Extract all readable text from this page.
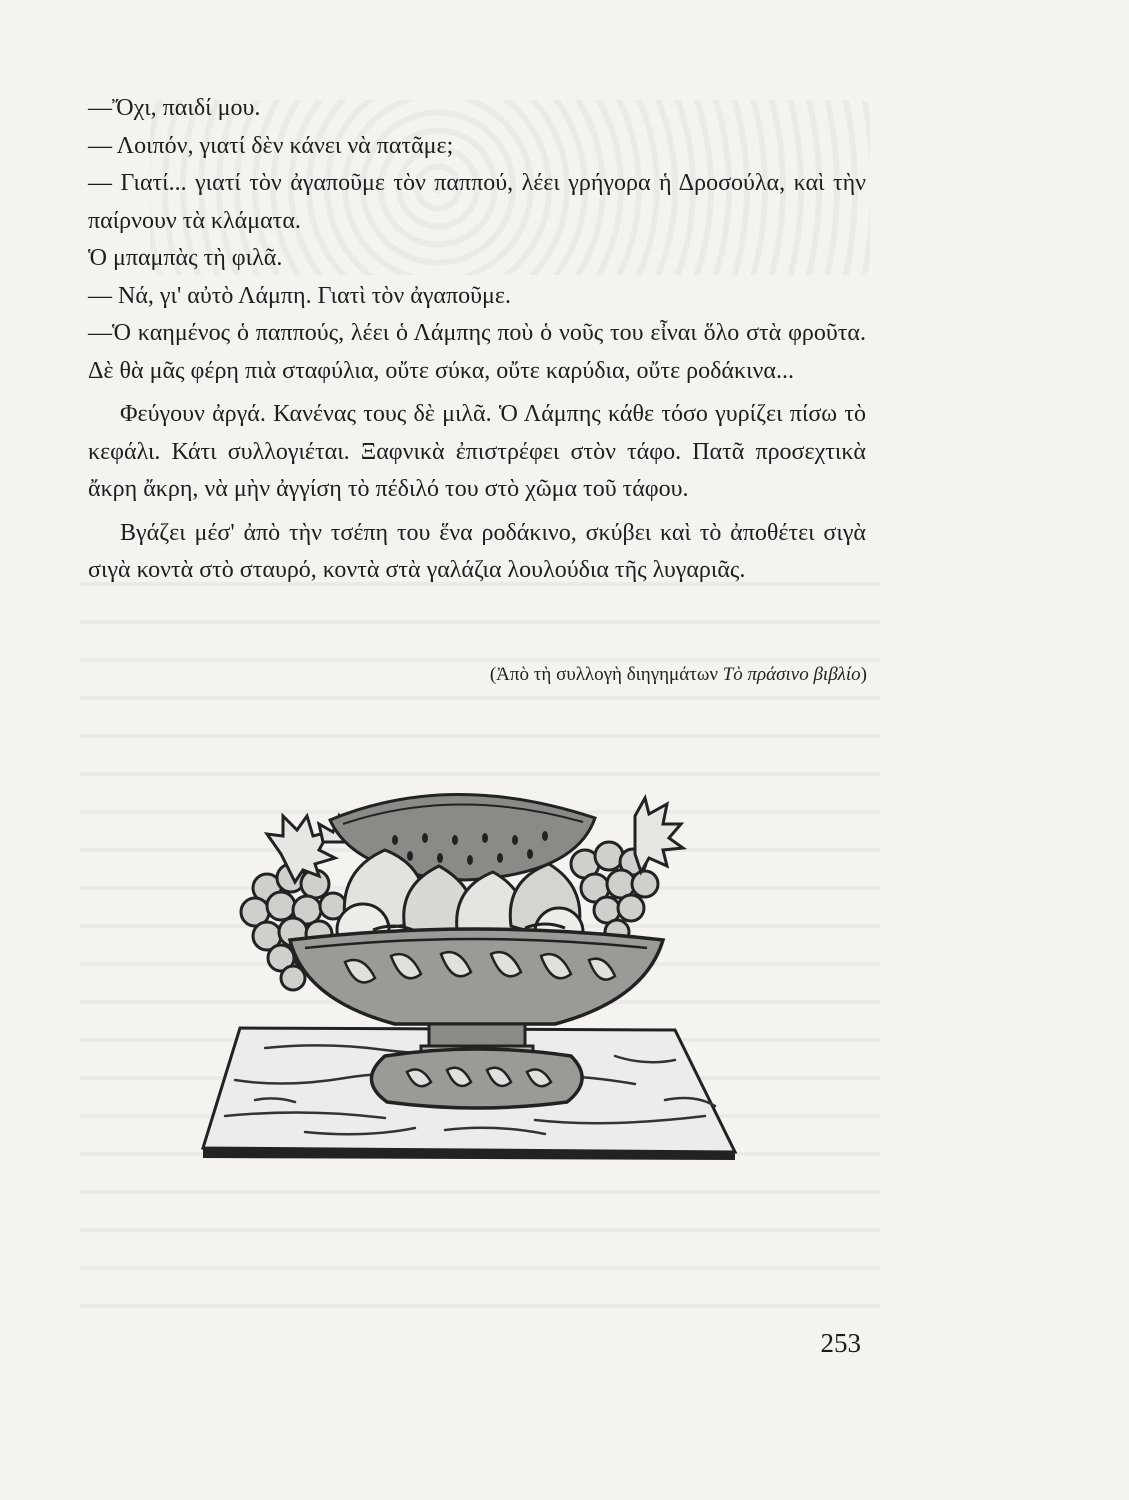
—Ὄχι, παιδί μου.

— Λοιπόν, γιατί δὲν κάνει νὰ πατᾶμε;

— Γιατί... γιατί τὸν ἀγαποῦμε τὸν παππού, λέει γρήγορα ἡ Δροσούλα, καὶ τὴν παίρνουν τὰ κλάματα.

Ὁ μπαμπὰς τὴ φιλᾶ.

— Νά, γι' αὐτὸ Λάμπη. Γιατὶ τὸν ἀγαποῦμε.

—Ὁ καημένος ὁ παππούς, λέει ὁ Λάμπης ποὺ ὁ νοῦς του εἶναι ὅλο στὰ φροῦτα. Δὲ θὰ μᾶς φέρη πιὰ σταφύλια, οὔτε σύκα, οὔτε καρύδια, οὔτε ροδάκινα...

Φεύγουν ἀργά. Κανένας τους δὲ μιλᾶ. Ὁ Λάμπης κάθε τόσο γυρίζει πίσω τὸ κεφάλι. Κάτι συλλογιέται. Ξαφνικὰ ἐπιστρέφει στὸν τάφο. Πατᾶ προσεχτικὰ ἄκρη ἄκρη, νὰ μὴν ἀγγίση τὸ πέδιλό του στὸ χῶμα τοῦ τάφου.

Βγάζει μέσ' ἀπὸ τὴν τσέπη του ἕνα ροδάκινο, σκύβει καὶ τὸ ἀποθέτει σιγὰ σιγὰ κοντὰ στὸ σταυρό, κοντὰ στὰ γαλάζια λουλούδια τῆς λυγαριᾶς.

(Ἀπὸ τὴ συλλογὴ διηγημάτων Τὸ πράσινο βιβλίο)
253
